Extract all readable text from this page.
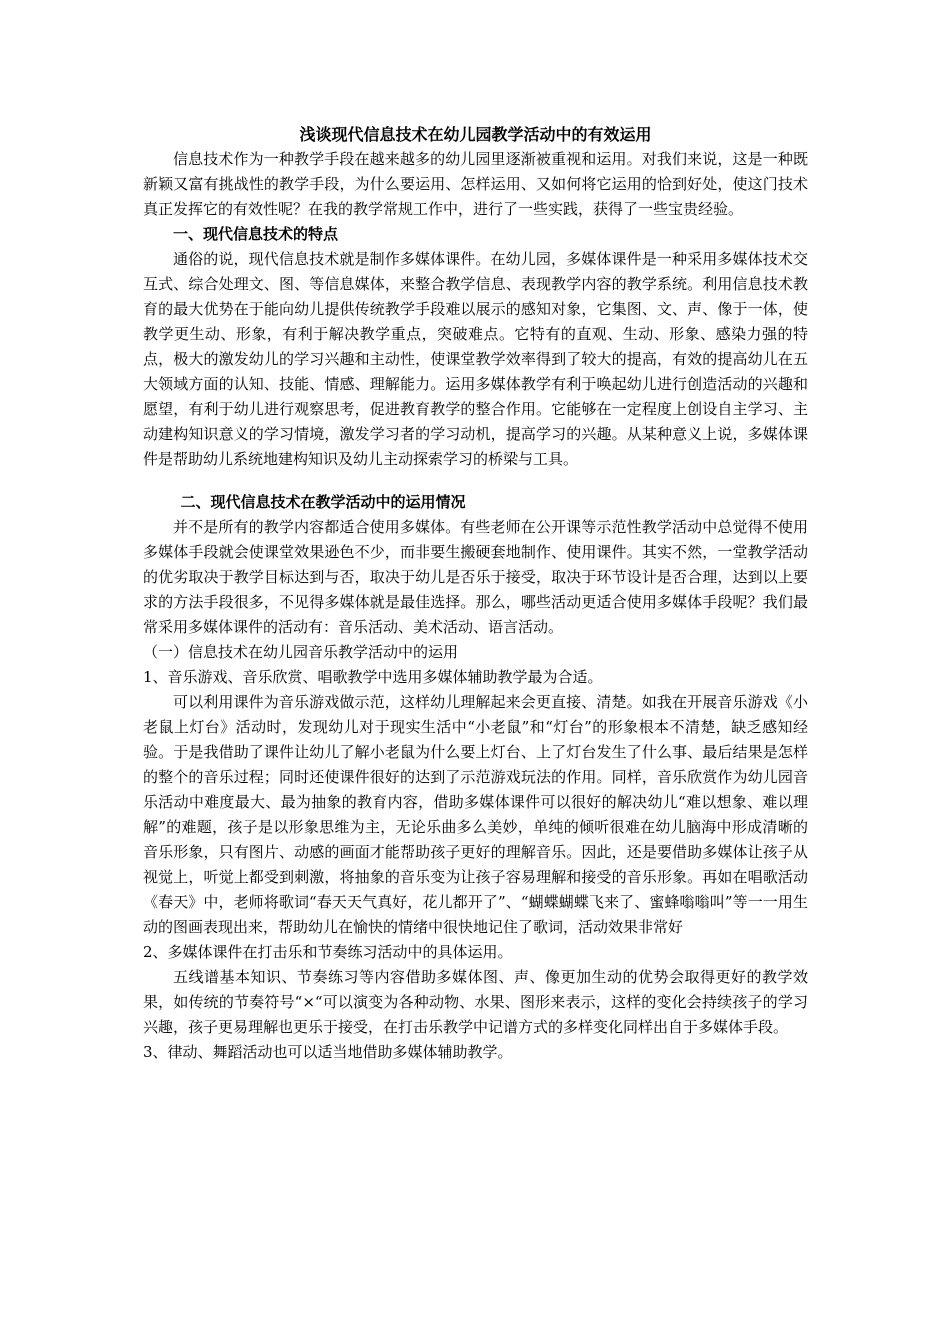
浅谈现代信息技术在幼儿园教学活动中的有效运用

信息技术作为一种教学手段在越来越多的幼儿园里逐渐被重视和运用。对我们来说，这是一种既新颖又富有挑战性的教学手段，为什么要运用、怎样运用、又如何将它运用的恰到好处，使这门技术真正发挥它的有效性呢？在我的教学常规工作中，进行了一些实践，获得了一些宝贵经验。

一、现代信息技术的特点

通俗的说，现代信息技术就是制作多媒体课件。在幼儿园，多媒体课件是一种采用多媒体技术交互式、综合处理文、图、等信息媒体，来整合教学信息、表现教学内容的教学系统。利用信息技术教育的最大优势在于能向幼儿提供传统教学手段难以展示的感知对象，它集图、文、声、像于一体，使教学更生动、形象，有利于解决教学重点，突破难点。它特有的直观、生动、形象、感染力强的特点，极大的激发幼儿的学习兴趣和主动性，使课堂教学效率得到了较大的提高，有效的提高幼儿在五大领域方面的认知、技能、情感、理解能力。运用多媒体教学有利于唤起幼儿进行创造活动的兴趣和愿望，有利于幼儿进行观察思考，促进教育教学的整合作用。它能够在一定程度上创设自主学习、主动建构知识意义的学习情境，激发学习者的学习动机，提高学习的兴趣。从某种意义上说，多媒体课件是帮助幼儿系统地建构知识及幼儿主动探索学习的桥梁与工具。

二、现代信息技术在教学活动中的运用情况

并不是所有的教学内容都适合使用多媒体。有些老师在公开课等示范性教学活动中总觉得不使用多媒体手段就会使课堂效果逊色不少，而非要生搬硬套地制作、使用课件。其实不然，一堂教学活动的优劣取决于教学目标达到与否，取决于幼儿是否乐于接受，取决于环节设计是否合理，达到以上要求的方法手段很多，不见得多媒体就是最佳选择。那么，哪些活动更适合使用多媒体手段呢？我们最常采用多媒体课件的活动有：音乐活动、美术活动、语言活动。

（一）信息技术在幼儿园音乐教学活动中的运用

1、音乐游戏、音乐欣赏、唱歌教学中选用多媒体辅助教学最为合适。

可以利用课件为音乐游戏做示范，这样幼儿理解起来会更直接、清楚。如我在开展音乐游戏《小老鼠上灯台》活动时，发现幼儿对于现实生活中“小老鼠”和“灯台”的形象根本不清楚，缺乏感知经验。于是我借助了课件让幼儿了解小老鼠为什么要上灯台、上了灯台发生了什么事、最后结果是怎样的整个的音乐过程；同时还使课件很好的达到了示范游戏玩法的作用。同样，音乐欣赏作为幼儿园音乐活动中难度最大、最为抽象的教育内容，借助多媒体课件可以很好的解决幼儿“难以想象、难以理解”的难题，孩子是以形象思维为主，无论乐曲多么美妙，单纯的倾听很难在幼儿脑海中形成清晰的音乐形象，只有图片、动感的画面才能帮助孩子更好的理解音乐。因此，还是要借助多媒体让孩子从视觉上，听觉上都受到刺激，将抽象的音乐变为让孩子容易理解和接受的音乐形象。再如在唱歌活动《春天》中，老师将歌词“春天天气真好，花儿都开了”、“蝴蝶蝴蝶飞来了、蜜蜂嗡嗡叫”等一一用生动的图画表现出来，帮助幼儿在愉快的情绪中很快地记住了歌词，活动效果非常好

2、多媒体课件在打击乐和节奏练习活动中的具体运用。

五线谱基本知识、节奏练习等内容借助多媒体图、声、像更加生动的优势会取得更好的教学效果，如传统的节奏符号“×“可以演变为各种动物、水果、图形来表示，这样的变化会持续孩子的学习兴趣，孩子更易理解也更乐于接受，在打击乐教学中记谱方式的多样变化同样出自于多媒体手段。

3、律动、舞蹈活动也可以适当地借助多媒体辅助教学。
